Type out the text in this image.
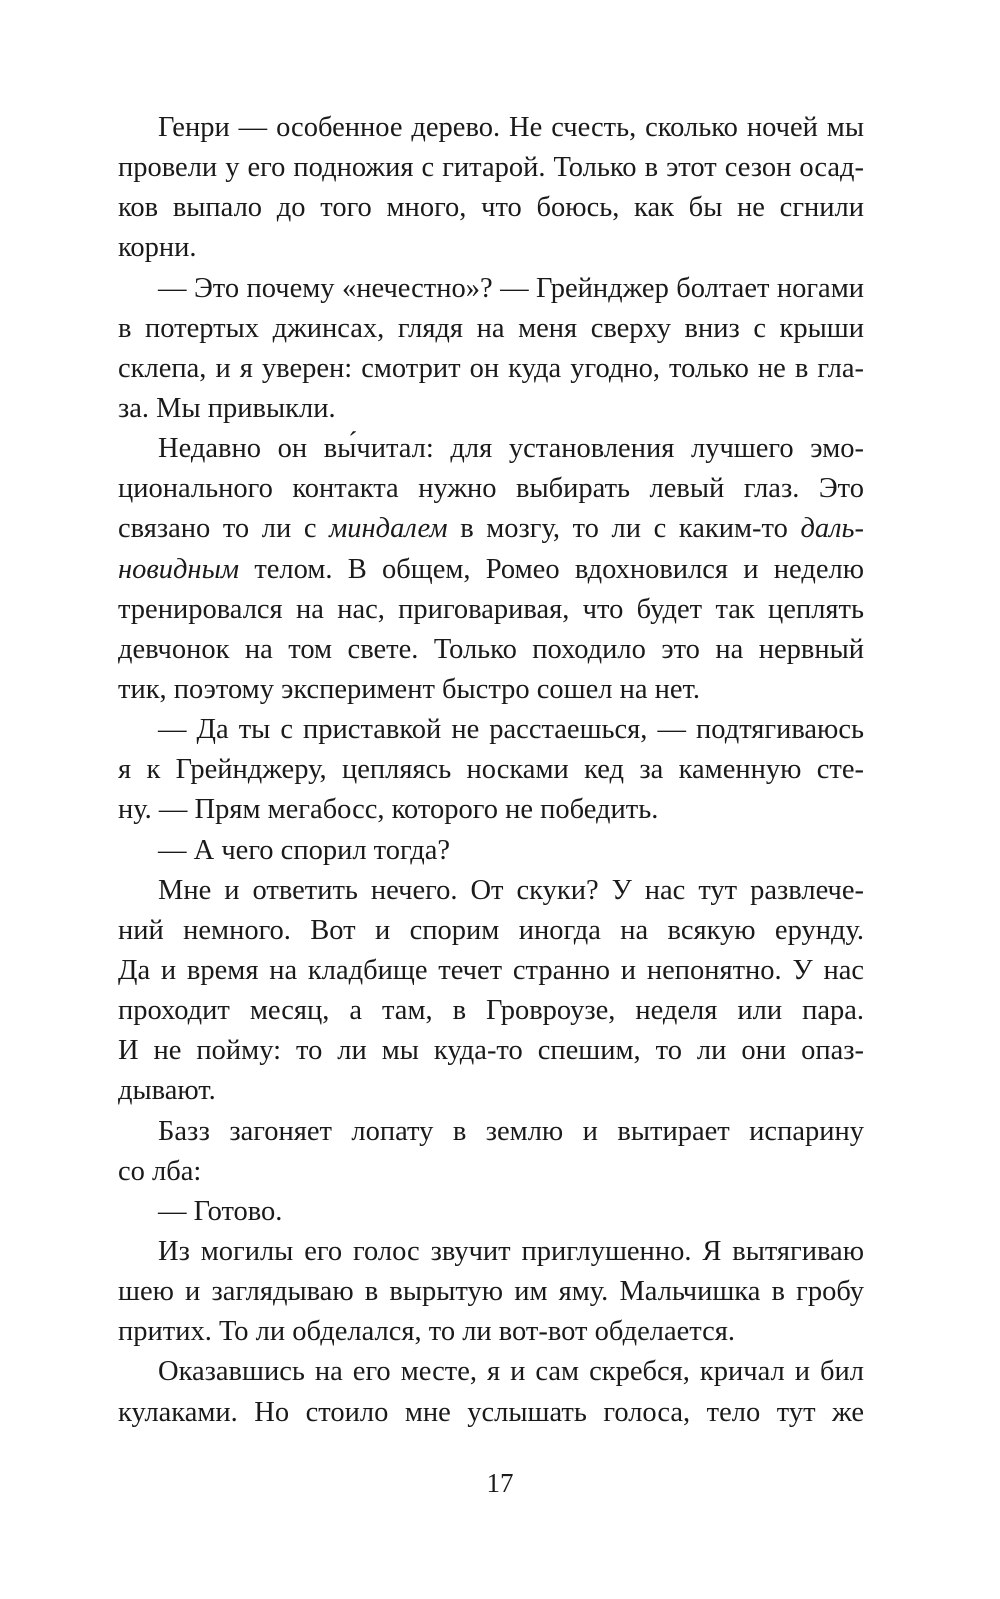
Генри — особенное дерево. Не счесть, сколько ночей мы
провели у его подножия с гитарой. Только в этот сезон осад-
ков выпало до того много, что боюсь, как бы не сгнили
корни.
— Это почему «нечестно»? — Грейнджер болтает ногами
в потертых джинсах, глядя на меня сверху вниз с крыши
склепа, и я уверен: смотрит он куда угодно, только не в гла-
за. Мы привыкли.
Недавно он вы́читал: для установления лучшего эмо-
ционального контакта нужно выбирать левый глаз. Это
связано то ли с миндалем в мозгу, то ли с каким-то даль-
новидным телом. В общем, Ромео вдохновился и неделю
тренировался на нас, приговаривая, что будет так цеплять
девчонок на том свете. Только походило это на нервный
тик, поэтому эксперимент быстро сошел на нет.
— Да ты с приставкой не расстаешься, — подтягиваюсь
я к Грейнджеру, цепляясь носками кед за каменную сте-
ну. — Прям мегабосс, которого не победить.
— А чего спорил тогда?
Мне и ответить нечего. От скуки? У нас тут развлече-
ний немного. Вот и спорим иногда на всякую ерунду.
Да и время на кладбище течет странно и непонятно. У нас
проходит месяц, а там, в Гровроузе, неделя или пара.
И не пойму: то ли мы куда-то спешим, то ли они опаз-
дывают.
Базз загоняет лопату в землю и вытирает испарину
со лба:
— Готово.
Из могилы его голос звучит приглушенно. Я вытягиваю
шею и заглядываю в вырытую им яму. Мальчишка в гробу
притих. То ли обделался, то ли вот-вот обделается.
Оказавшись на его месте, я и сам скребся, кричал и бил
кулаками. Но стоило мне услышать голоса, тело тут же
17
